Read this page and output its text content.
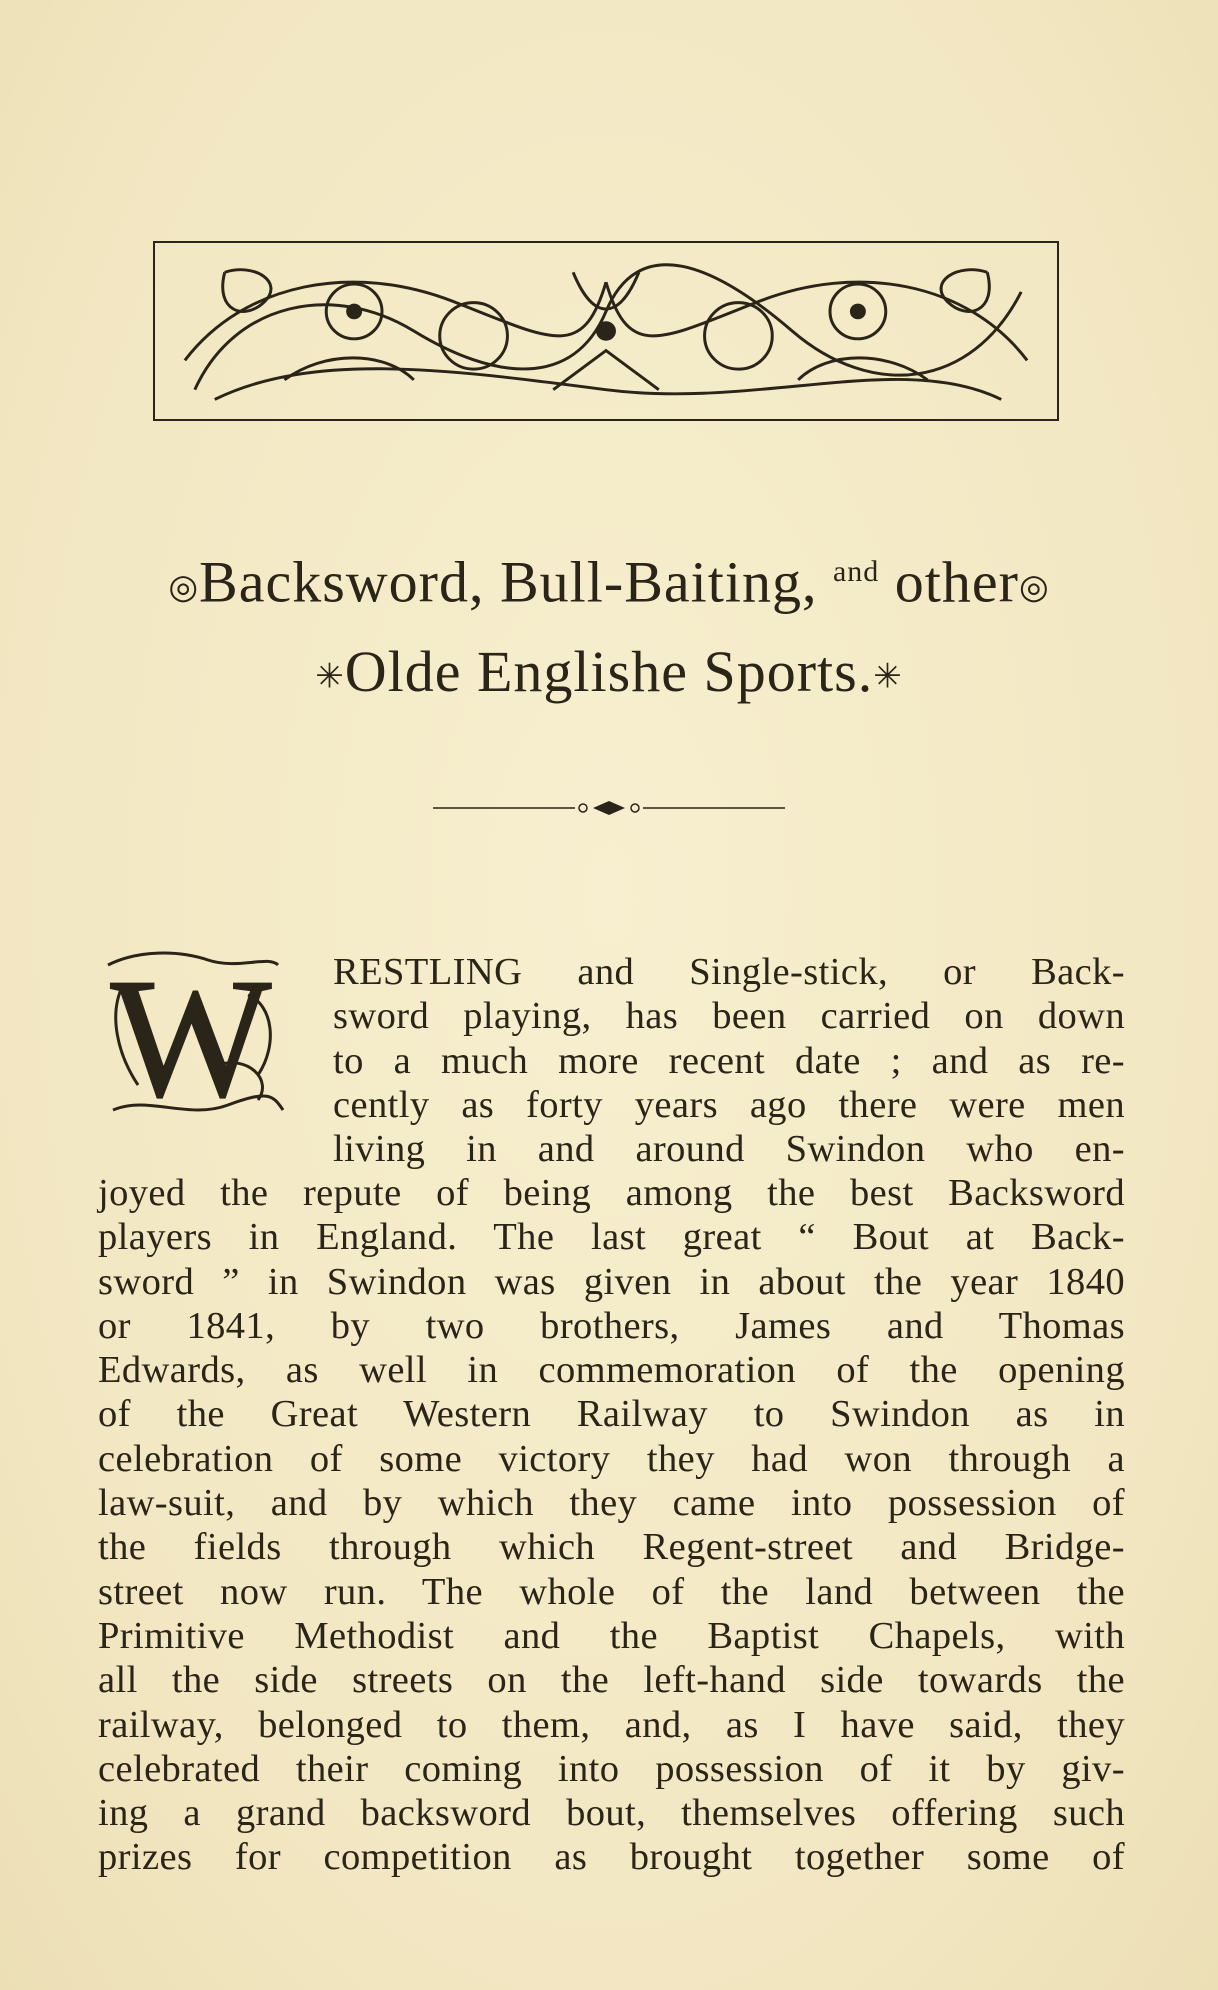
◎Backsword, Bull-Baiting, $^{and}$ other◎
✳Olde Englishe Sports.✳
W RESTLING and Single-stick, or Back-
sword playing, has been carried on down
to a much more recent date ; and as re-
cently as forty years ago there were men
living in and around Swindon who en-

joyed the repute of being among the best Backsword
players in England. The last great “ Bout at Back-
sword ” in Swindon was given in about the year 1840
or 1841, by two brothers, James and Thomas
Edwards, as well in commemoration of the opening
of the Great Western Railway to Swindon as in
celebration of some victory they had won through a
law-suit, and by which they came into possession of
the fields through which Regent-street and Bridge-
street now run. The whole of the land between the
Primitive Methodist and the Baptist Chapels, with
all the side streets on the left-hand side towards the
railway, belonged to them, and, as I have said, they
celebrated their coming into possession of it by giv-
ing a grand backsword bout, themselves offering such
prizes for competition as brought together some of
